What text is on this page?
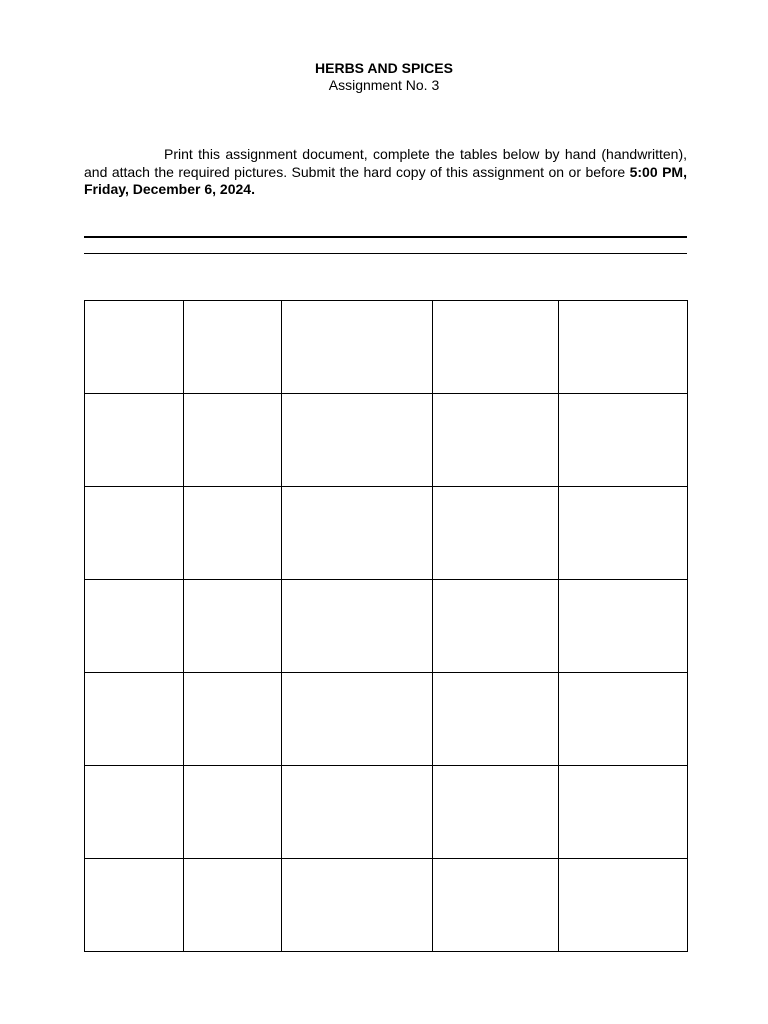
HERBS AND SPICES
Assignment No. 3
Print this assignment document, complete the tables below by hand (handwritten), and attach the required pictures. Submit the hard copy of this assignment on or before 5:00 PM, Friday, December 6, 2024.
